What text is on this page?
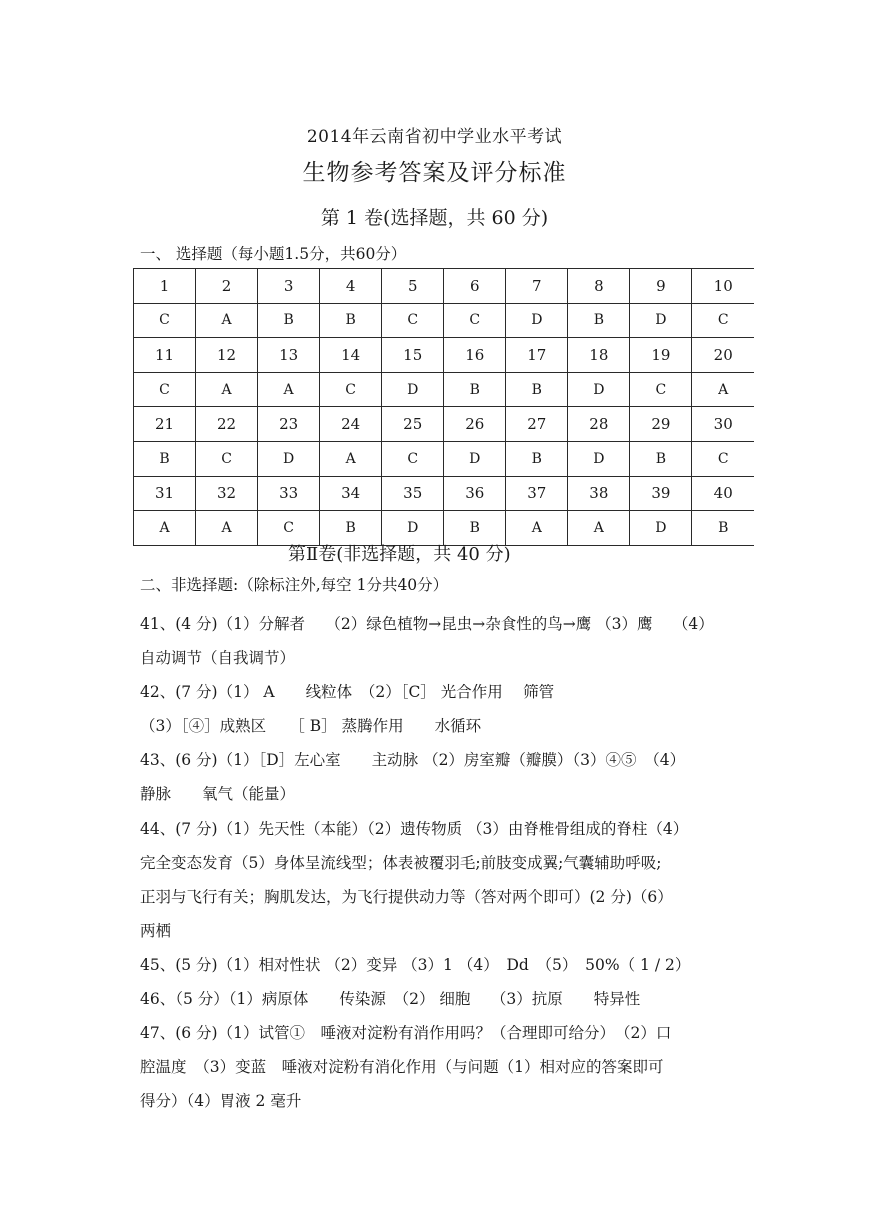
2014年云南省初中学业水平考试
生物参考答案及评分标准
第 1 卷(选择题，共 60 分)
一、 选择题（每小题1.5分，共60分）
1	2	3	4	5	6	7	8	9	10
C	A	B	B	C	C	D	B	D	C
11	12	13	14	15	16	17	18	19	20
C	A	A	C	D	B	B	D	C	A
21	22	23	24	25	26	27	28	29	30
B	C	D	A	C	D	B	D	B	C
31	32	33	34	35	36	37	38	39	40
A	A	C	B	D	B	A	A	D	B
第Ⅱ卷(非选择题，共 40 分)
二、非选择题:（除标注外,每空 1分共40分）
41、(4 分)（1）分解者　 （2）绿色植物→昆虫→杂食性的鸟→鹰 （3）鹰　 （4）
自动调节（自我调节）
42、(7 分)（1） A　　线粒体　（2）［C］ 光合作用　 筛管
（3）［④］成熟区　　［ B］ 蒸腾作用　　水循环
43、(6 分)（1）［D］左心室　　主动脉 （2）房室瓣（瓣膜）（3）④⑤　（4）
静脉　　氧气（能量）
44、(7 分)（1）先天性（本能）（2）遗传物质 （3）由脊椎骨组成的脊柱（4）
完全变态发育（5）身体呈流线型；体表被覆羽毛;前肢变成翼;气囊辅助呼吸;
正羽与飞行有关；胸肌发达，为飞行提供动力等（答对两个即可）(2 分)（6）
两栖
45、(5 分)（1）相对性状 （2）变异 （3）1 （4）　Dd　（5）　50%（ 1 / 2）
46、（5 分）（1）病原体　　传染源　（2） 细胞　 （3）抗原　　特异性
47、(6 分)（1）试管①　唾液对淀粉有消作用吗？（合理即可给分）　（2）口
腔温度　（3）变蓝　唾液对淀粉有消化作用（与问题（1）相对应的答案即可
得分）（4）胃液 2 毫升
